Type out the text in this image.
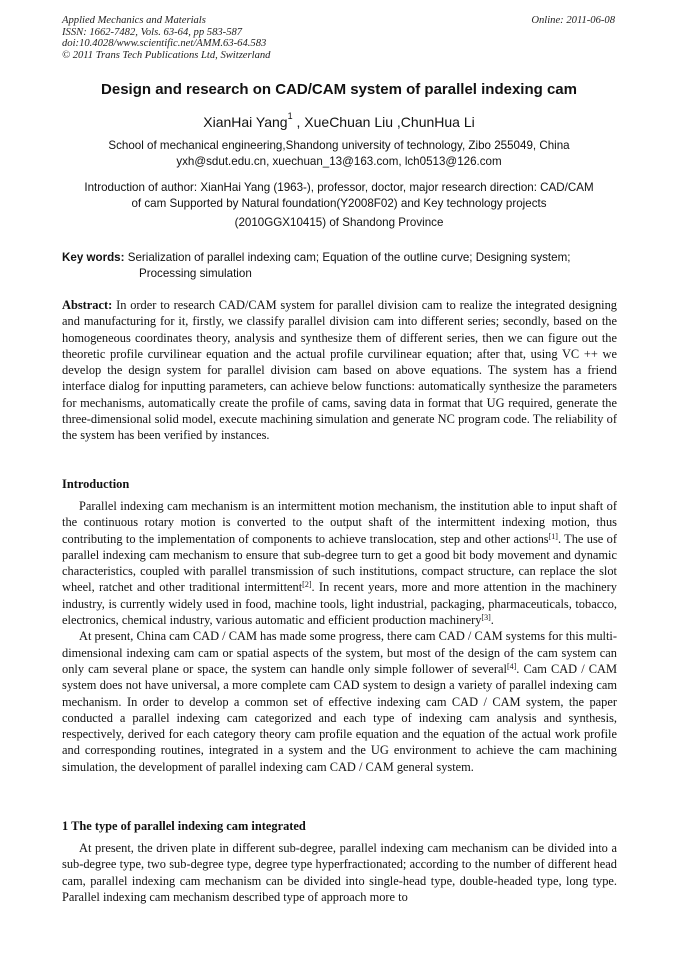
Applied Mechanics and Materials
ISSN: 1662-7482, Vols. 63-64, pp 583-587
doi:10.4028/www.scientific.net/AMM.63-64.583
© 2011 Trans Tech Publications Ltd, Switzerland
Online: 2011-06-08
Design and research on CAD/CAM system of parallel indexing cam
XianHai Yang$^1$ , XueChuan Liu ,ChunHua Li
School of mechanical engineering,Shandong university of technology, Zibo 255049, China
yxh@sdut.edu.cn, xuechuan_13@163.com, lch0513@126.com
Introduction of author: XianHai Yang (1963-), professor, doctor, major research direction: CAD/CAM
of cam Supported by Natural foundation(Y2008F02) and Key technology projects
(2010GGX10415) of Shandong Province
Key words: Serialization of parallel indexing cam; Equation of the outline curve; Designing system;
Processing simulation

Abstract: In order to research CAD/CAM system for parallel division cam to realize the integrated designing and manufacturing for it, firstly, we classify parallel division cam into different series; secondly, based on the homogeneous coordinates theory, analysis and synthesize them of different series, then we can figure out the theoretic profile curvilinear equation and the actual profile curvilinear equation; after that, using VC ++ we develop the design system for parallel division cam based on above equations. The system has a friend interface dialog for inputting parameters, can achieve below functions: automatically synthesize the parameters for mechanisms, automatically create the profile of cams, saving data in format that UG required, generate the three-dimensional solid model, execute machining simulation and generate NC program code. The reliability of the system has been verified by instances.

Introduction

Parallel indexing cam mechanism is an intermittent motion mechanism, the institution able to input shaft of the continuous rotary motion is converted to the output shaft of the intermittent indexing motion, thus contributing to the implementation of components to achieve translocation, step and other actions[1]. The use of parallel indexing cam mechanism to ensure that sub-degree turn to get a good bit body movement and dynamic characteristics, coupled with parallel transmission of such institutions, compact structure, can replace the slot wheel, ratchet and other traditional intermittent[2]. In recent years, more and more attention in the machinery industry, is currently widely used in food, machine tools, light industrial, packaging, pharmaceuticals, tobacco, electronics, chemical industry, various automatic and efficient production machinery[3].

At present, China cam CAD / CAM has made some progress, there cam CAD / CAM systems for this multi-dimensional indexing cam cam or spatial aspects of the system, but most of the design of the cam system can only cam several plane or space, the system can handle only simple follower of several[4]. Cam CAD / CAM system does not have universal, a more complete cam CAD system to design a variety of parallel indexing cam mechanism. In order to develop a common set of effective indexing cam CAD / CAM system, the paper conducted a parallel indexing cam categorized and each type of indexing cam analysis and synthesis, respectively, derived for each category theory cam profile equation and the equation of the actual work profile and corresponding routines, integrated in a system and the UG environment to achieve the cam machining simulation, the development of parallel indexing cam CAD / CAM general system.

1 The type of parallel indexing cam integrated

At present, the driven plate in different sub-degree, parallel indexing cam mechanism can be divided into a sub-degree type, two sub-degree type, degree type hyperfractionated; according to the number of different head cam, parallel indexing cam mechanism can be divided into single-head type, double-headed type, long type. Parallel indexing cam mechanism described type of approach more to
